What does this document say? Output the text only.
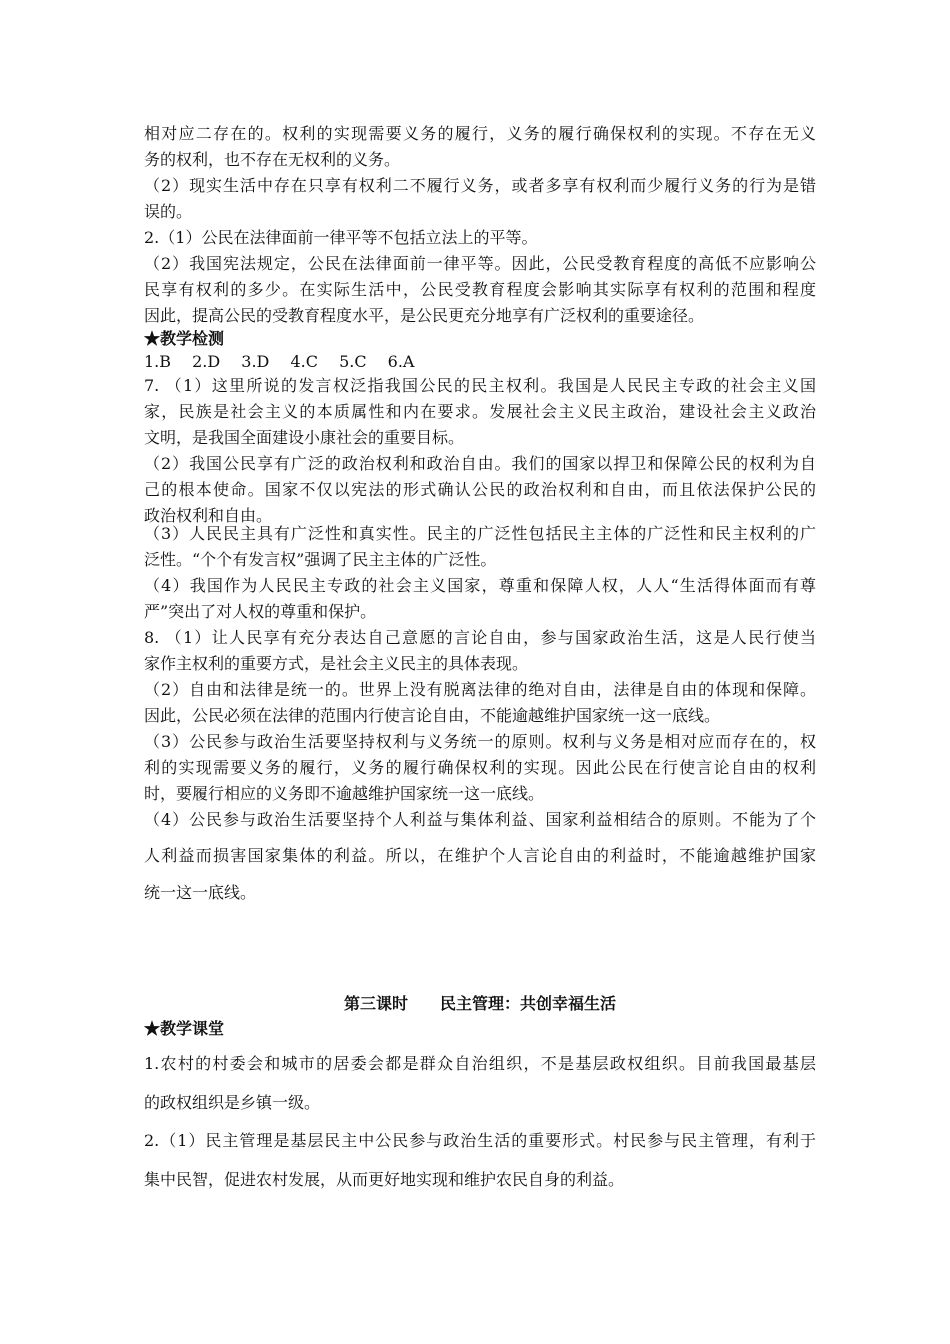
相对应二存在的。权利的实现需要义务的履行，义务的履行确保权利的实现。不存在无义
务的权利，也不存在无权利的义务。
（2）现实生活中存在只享有权利二不履行义务，或者多享有权利而少履行义务的行为是错
误的。
2.（1）公民在法律面前一律平等不包括立法上的平等。
（2）我国宪法规定，公民在法律面前一律平等。因此，公民受教育程度的高低不应影响公
民享有权利的多少。在实际生活中，公民受教育程度会影响其实际享有权利的范围和程度
因此，提高公民的受教育程度水平，是公民更充分地享有广泛权利的重要途径。
★教学检测
1.B　 2.D　 3.D　 4.C　 5.C　 6.A
7. （1）这里所说的发言权泛指我国公民的民主权利。我国是人民民主专政的社会主义国
家，民族是社会主义的本质属性和内在要求。发展社会主义民主政治，建设社会主义政治
文明，是我国全面建设小康社会的重要目标。
（2）我国公民享有广泛的政治权利和政治自由。我们的国家以捍卫和保障公民的权利为自
己的根本使命。国家不仅以宪法的形式确认公民的政治权利和自由，而且依法保护公民的
政治权利和自由。
（3）人民民主具有广泛性和真实性。民主的广泛性包括民主主体的广泛性和民主权利的广
泛性。“个个有发言权”强调了民主主体的广泛性。
（4）我国作为人民民主专政的社会主义国家，尊重和保障人权，人人“生活得体面而有尊
严”突出了对人权的尊重和保护。
8. （1）让人民享有充分表达自己意愿的言论自由，参与国家政治生活，这是人民行使当
家作主权利的重要方式，是社会主义民主的具体表现。
（2）自由和法律是统一的。世界上没有脱离法律的绝对自由，法律是自由的体现和保障。
因此，公民必须在法律的范围内行使言论自由，不能逾越维护国家统一这一底线。
（3）公民参与政治生活要坚持权利与义务统一的原则。权利与义务是相对应而存在的，权
利的实现需要义务的履行，义务的履行确保权利的实现。因此公民在行使言论自由的权利
时，要履行相应的义务即不逾越维护国家统一这一底线。
（4）公民参与政治生活要坚持个人利益与集体利益、国家利益相结合的原则。不能为了个
人利益而损害国家集体的利益。所以，在维护个人言论自由的利益时，不能逾越维护国家
统一这一底线。
第三课时　　民主管理：共创幸福生活
★教学课堂
1.农村的村委会和城市的居委会都是群众自治组织，不是基层政权组织。目前我国最基层
的政权组织是乡镇一级。
2.（1）民主管理是基层民主中公民参与政治生活的重要形式。村民参与民主管理，有利于
集中民智，促进农村发展，从而更好地实现和维护农民自身的利益。
